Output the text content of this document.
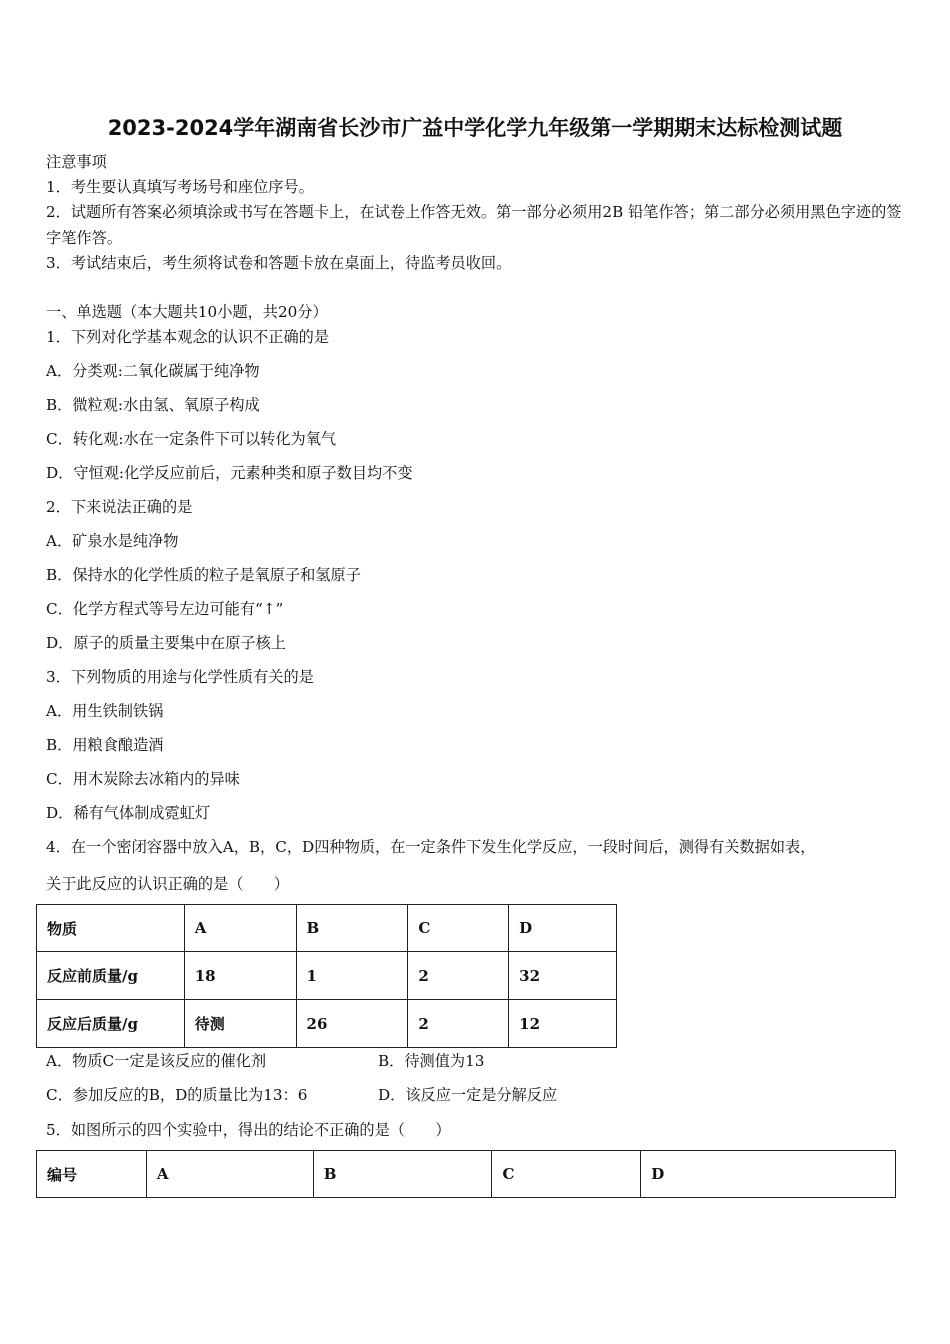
2023-2024学年湖南省长沙市广益中学化学九年级第一学期期末达标检测试题
注意事项
1．考生要认真填写考场号和座位序号。
2．试题所有答案必须填涂或书写在答题卡上，在试卷上作答无效。第一部分必须用2B 铅笔作答；第二部分必须用黑色字迹的签字笔作答。
3．考试结束后，考生须将试卷和答题卡放在桌面上，待监考员收回。
一、单选题（本大题共10小题，共20分）
1．下列对化学基本观念的认识不正确的是
A．分类观:二氧化碳属于纯净物
B．微粒观:水由氢、氧原子构成
C．转化观:水在一定条件下可以转化为氧气
D．守恒观:化学反应前后，元素种类和原子数目均不变
2．下来说法正确的是
A．矿泉水是纯净物
B．保持水的化学性质的粒子是氧原子和氢原子
C．化学方程式等号左边可能有“↑”
D．原子的质量主要集中在原子核上
3．下列物质的用途与化学性质有关的是
A．用生铁制铁锅
B．用粮食酿造酒
C．用木炭除去冰箱内的异味
D．稀有气体制成霓虹灯
4．在一个密闭容器中放入A，B，C，D四种物质，在一定条件下发生化学反应，一段时间后，测得有关数据如表，
关于此反应的认识正确的是（　　）
物质	A	B	C	D
反应前质量/g	18	1	2	32
反应后质量/g	待测	26	2	12
A．物质C一定是该反应的催化剂	B．待测值为13
C．参加反应的B，D的质量比为13：6	D．该反应一定是分解反应
5．如图所示的四个实验中，得出的结论不正确的是（　　）
编号	A	B	C	D
